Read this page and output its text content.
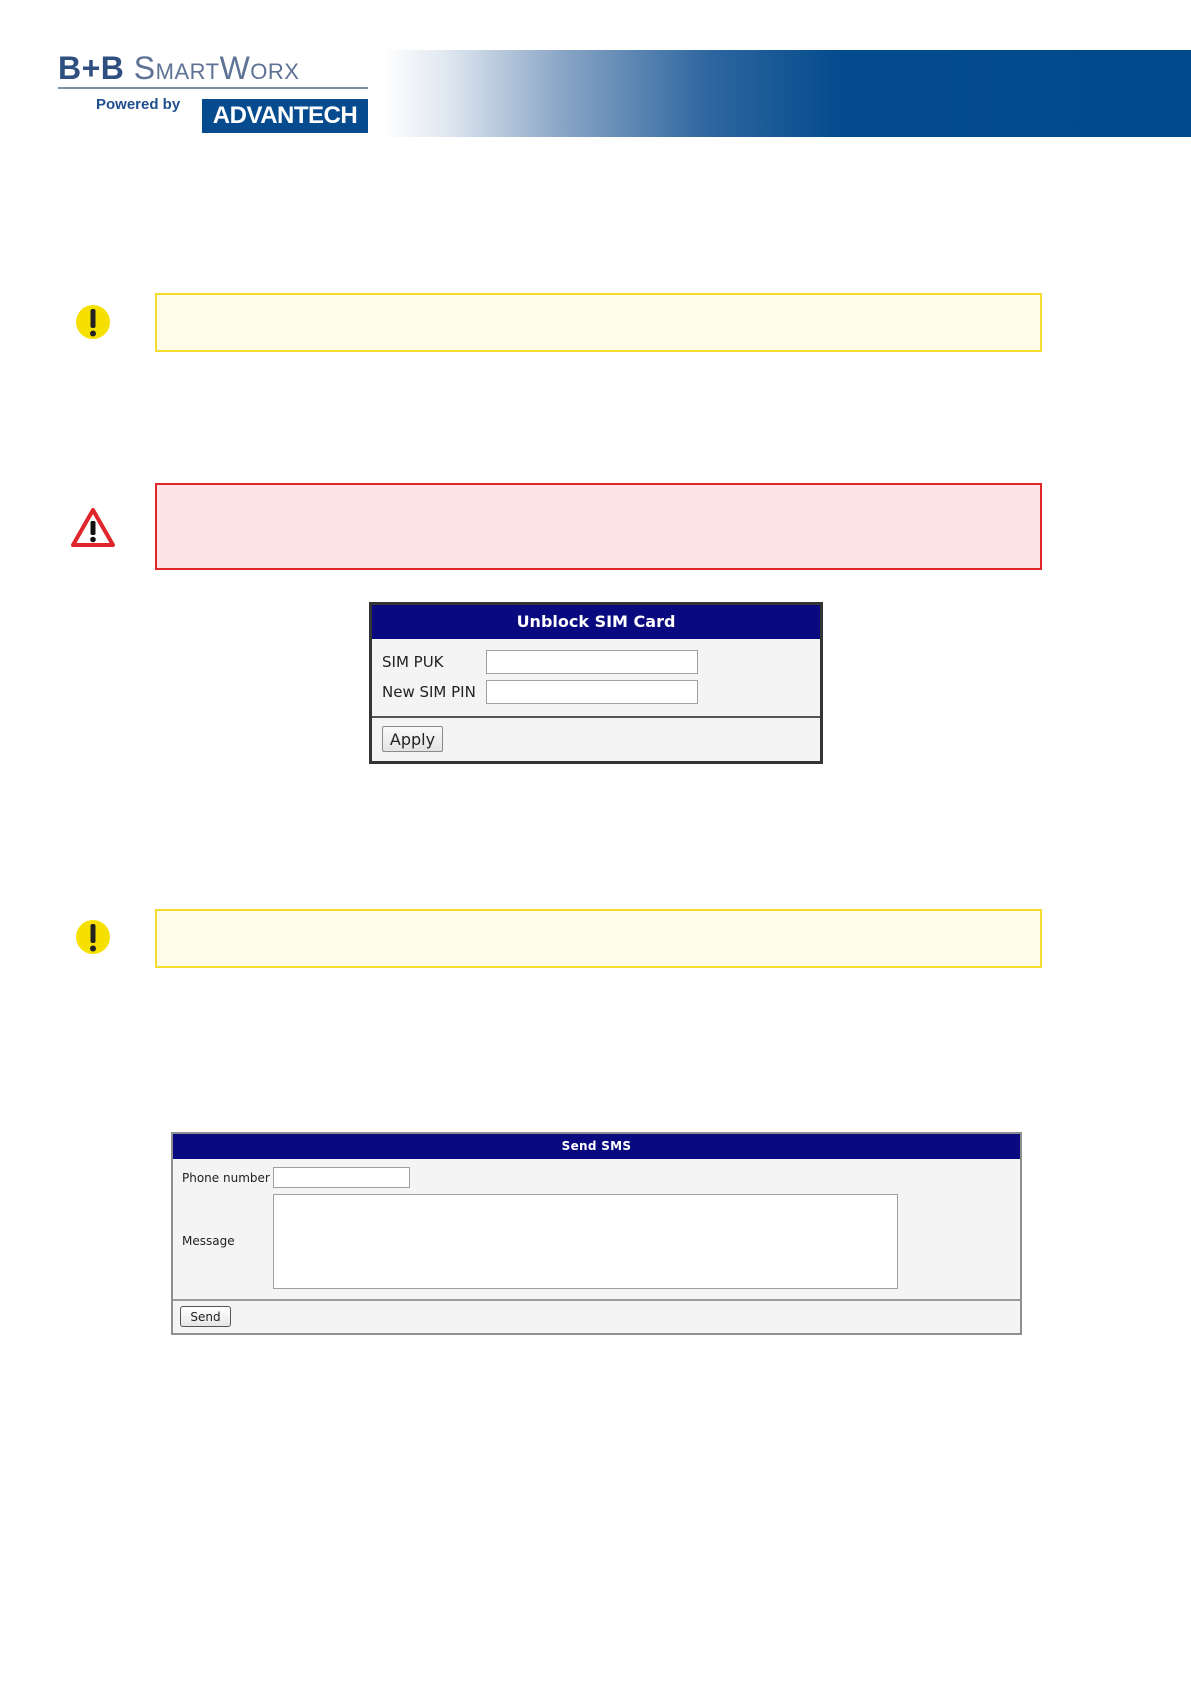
B+B SmartWorx
Powered by	ADVANTECH
Unblock SIM Card
SIM PUK
New SIM PIN
Apply
Send SMS
Phone number
Message
Send
